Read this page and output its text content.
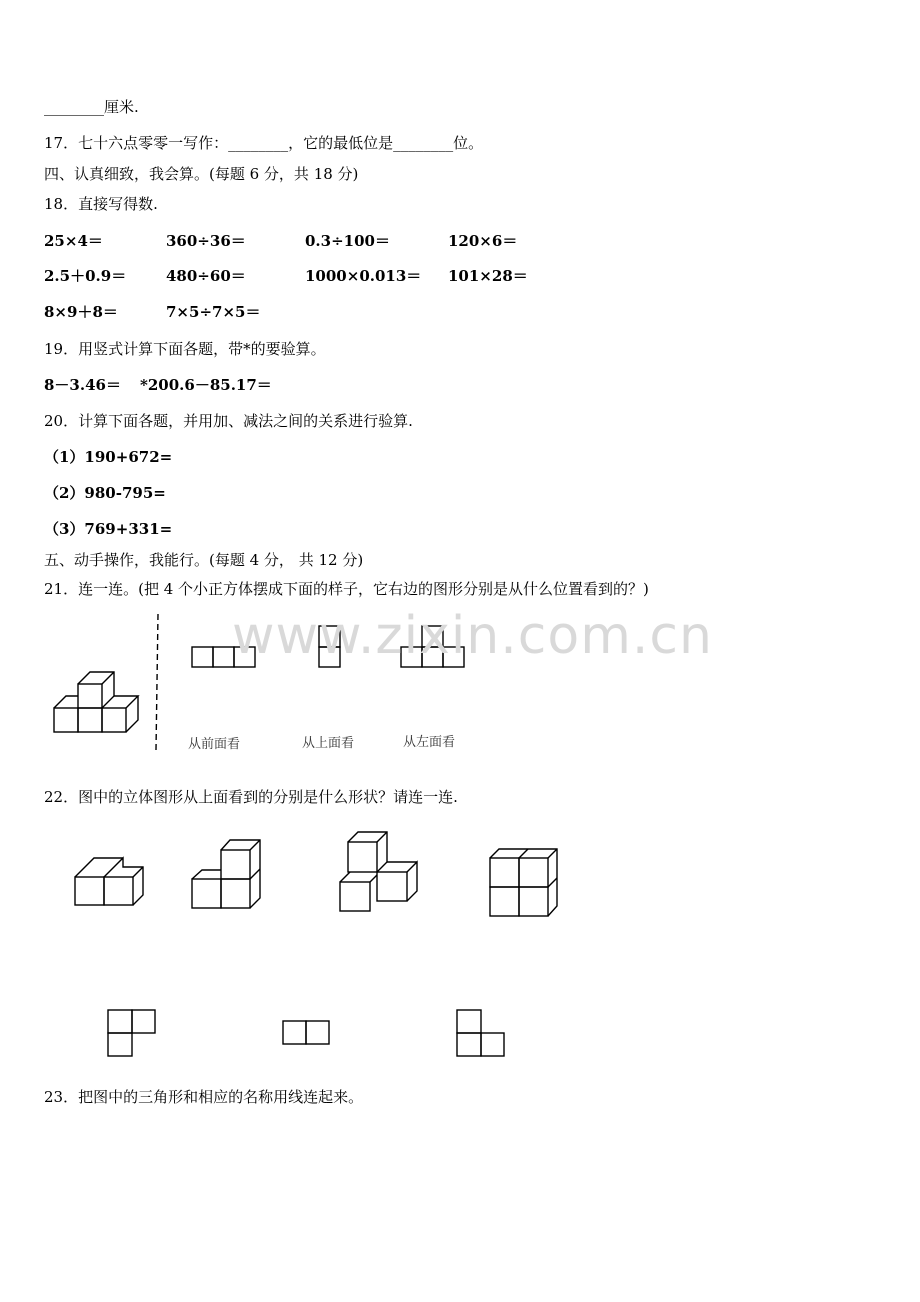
________厘米.
17．七十六点零零一写作：________，它的最低位是________位。
四、认真细致，我会算。(每题 6 分，共 18 分)
18．直接写得数.
25×4＝	360÷36＝	0.3÷100＝	120×6＝
2.5＋0.9＝	480÷60＝	1000×0.013＝ 101×28＝
8×9＋8＝	7×5÷7×5＝
19．用竖式计算下面各题，带*的要验算。
8－3.46＝ *200.6－85.17＝
20．计算下面各题，并用加、减法之间的关系进行验算.
（1）190+672=
（2）980-795=
（3）769+331=
五、动手操作，我能行。(每题 4 分， 共 12 分)
21．连一连。(把 4 个小正方体摆成下面的样子，它右边的图形分别是从什么位置看到的？)
从前面看	从上面看	从左面看
www.zixin.com.cn
22．图中的立体图形从上面看到的分别是什么形状？请连一连.
23．把图中的三角形和相应的名称用线连起来。
